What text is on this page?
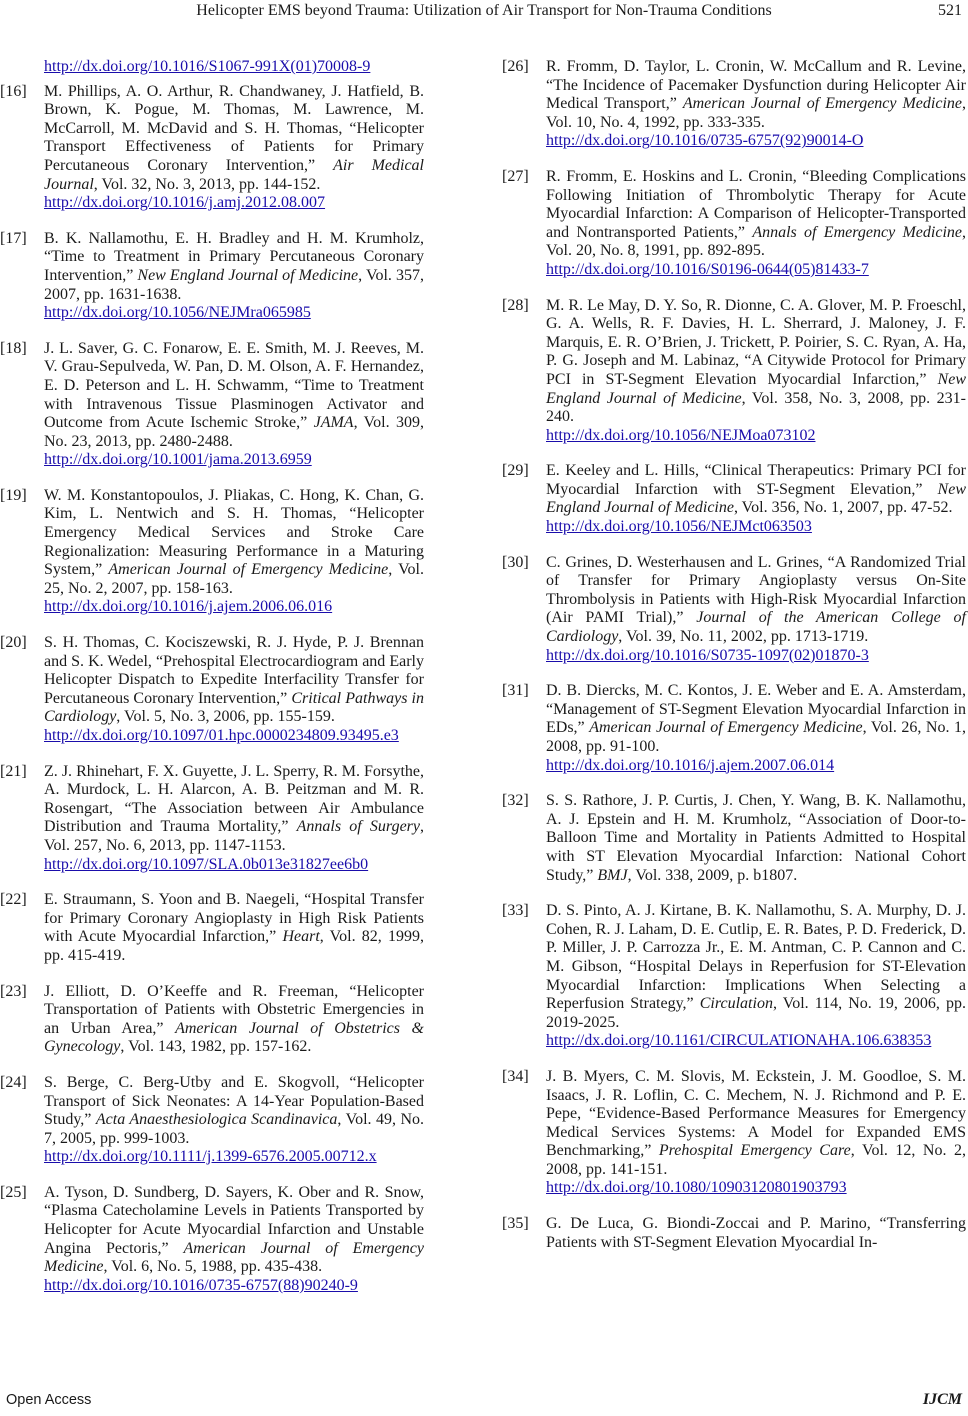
Helicopter EMS beyond Trauma: Utilization of Air Transport for Non-Trauma Conditions	521
http://dx.doi.org/10.1016/S1067-991X(01)70008-9
[16] M. Phillips, A. O. Arthur, R. Chandwaney, J. Hatfield, B. Brown, K. Pogue, M. Thomas, M. Lawrence, M. McCarroll, M. McDavid and S. H. Thomas, “Helicopter Transport Effectiveness of Patients for Primary Percutaneous Coronary Intervention,” Air Medical Journal, Vol. 32, No. 3, 2013, pp. 144-152.
http://dx.doi.org/10.1016/j.amj.2012.08.007
[17] B. K. Nallamothu, E. H. Bradley and H. M. Krumholz, “Time to Treatment in Primary Percutaneous Coronary Intervention,” New England Journal of Medicine, Vol. 357, 2007, pp. 1631-1638.
http://dx.doi.org/10.1056/NEJMra065985
[18] J. L. Saver, G. C. Fonarow, E. E. Smith, M. J. Reeves, M. V. Grau-Sepulveda, W. Pan, D. M. Olson, A. F. Hernandez, E. D. Peterson and L. H. Schwamm, “Time to Treatment with Intravenous Tissue Plasminogen Activator and Outcome from Acute Ischemic Stroke,” JAMA, Vol. 309, No. 23, 2013, pp. 2480-2488.
http://dx.doi.org/10.1001/jama.2013.6959
[19] W. M. Konstantopoulos, J. Pliakas, C. Hong, K. Chan, G. Kim, L. Nentwich and S. H. Thomas, “Helicopter Emergency Medical Services and Stroke Care Regionalization: Measuring Performance in a Maturing System,” American Journal of Emergency Medicine, Vol. 25, No. 2, 2007, pp. 158-163.
http://dx.doi.org/10.1016/j.ajem.2006.06.016
[20] S. H. Thomas, C. Kociszewski, R. J. Hyde, P. J. Brennan and S. K. Wedel, “Prehospital Electrocardiogram and Early Helicopter Dispatch to Expedite Interfacility Transfer for Percutaneous Coronary Intervention,” Critical Pathways in Cardiology, Vol. 5, No. 3, 2006, pp. 155-159.
http://dx.doi.org/10.1097/01.hpc.0000234809.93495.e3
[21] Z. J. Rhinehart, F. X. Guyette, J. L. Sperry, R. M. Forsythe, A. Murdock, L. H. Alarcon, A. B. Peitzman and M. R. Rosengart, “The Association between Air Ambulance Distribution and Trauma Mortality,” Annals of Surgery, Vol. 257, No. 6, 2013, pp. 1147-1153.
http://dx.doi.org/10.1097/SLA.0b013e31827ee6b0
[22] E. Straumann, S. Yoon and B. Naegeli, “Hospital Transfer for Primary Coronary Angioplasty in High Risk Patients with Acute Myocardial Infarction,” Heart, Vol. 82, 1999, pp. 415-419.
[23] J. Elliott, D. O’Keeffe and R. Freeman, “Helicopter Transportation of Patients with Obstetric Emergencies in an Urban Area,” American Journal of Obstetrics & Gynecology, Vol. 143, 1982, pp. 157-162.
[24] S. Berge, C. Berg-Utby and E. Skogvoll, “Helicopter Transport of Sick Neonates: A 14-Year Population-Based Study,” Acta Anaesthesiologica Scandinavica, Vol. 49, No. 7, 2005, pp. 999-1003.
http://dx.doi.org/10.1111/j.1399-6576.2005.00712.x
[25] A. Tyson, D. Sundberg, D. Sayers, K. Ober and R. Snow, “Plasma Catecholamine Levels in Patients Transported by Helicopter for Acute Myocardial Infarction and Unstable Angina Pectoris,” American Journal of Emergency Medicine, Vol. 6, No. 5, 1988, pp. 435-438.
http://dx.doi.org/10.1016/0735-6757(88)90240-9
[26] R. Fromm, D. Taylor, L. Cronin, W. McCallum and R. Levine, “The Incidence of Pacemaker Dysfunction during Helicopter Air Medical Transport,” American Journal of Emergency Medicine, Vol. 10, No. 4, 1992, pp. 333-335.
http://dx.doi.org/10.1016/0735-6757(92)90014-O
[27] R. Fromm, E. Hoskins and L. Cronin, “Bleeding Complications Following Initiation of Thrombolytic Therapy for Acute Myocardial Infarction: A Comparison of Helicopter-Transported and Nontransported Patients,” Annals of Emergency Medicine, Vol. 20, No. 8, 1991, pp. 892-895.
http://dx.doi.org/10.1016/S0196-0644(05)81433-7
[28] M. R. Le May, D. Y. So, R. Dionne, C. A. Glover, M. P. Froeschl, G. A. Wells, R. F. Davies, H. L. Sherrard, J. Maloney, J. F. Marquis, E. R. O’Brien, J. Trickett, P. Poirier, S. C. Ryan, A. Ha, P. G. Joseph and M. Labinaz, “A Citywide Protocol for Primary PCI in ST-Segment Elevation Myocardial Infarction,” New England Journal of Medicine, Vol. 358, No. 3, 2008, pp. 231-240.
http://dx.doi.org/10.1056/NEJMoa073102
[29] E. Keeley and L. Hills, “Clinical Therapeutics: Primary PCI for Myocardial Infarction with ST-Segment Elevation,” New England Journal of Medicine, Vol. 356, No. 1, 2007, pp. 47-52.
http://dx.doi.org/10.1056/NEJMct063503
[30] C. Grines, D. Westerhausen and L. Grines, “A Randomized Trial of Transfer for Primary Angioplasty versus On-Site Thrombolysis in Patients with High-Risk Myocardial Infarction (Air PAMI Trial),” Journal of the American College of Cardiology, Vol. 39, No. 11, 2002, pp. 1713-1719.
http://dx.doi.org/10.1016/S0735-1097(02)01870-3
[31] D. B. Diercks, M. C. Kontos, J. E. Weber and E. A. Amsterdam, “Management of ST-Segment Elevation Myocardial Infarction in EDs,” American Journal of Emergency Medicine, Vol. 26, No. 1, 2008, pp. 91-100.
http://dx.doi.org/10.1016/j.ajem.2007.06.014
[32] S. S. Rathore, J. P. Curtis, J. Chen, Y. Wang, B. K. Nallamothu, A. J. Epstein and H. M. Krumholz, “Association of Door-to-Balloon Time and Mortality in Patients Admitted to Hospital with ST Elevation Myocardial Infarction: National Cohort Study,” BMJ, Vol. 338, 2009, p. b1807.
[33] D. S. Pinto, A. J. Kirtane, B. K. Nallamothu, S. A. Murphy, D. J. Cohen, R. J. Laham, D. E. Cutlip, E. R. Bates, P. D. Frederick, D. P. Miller, J. P. Carrozza Jr., E. M. Antman, C. P. Cannon and C. M. Gibson, “Hospital Delays in Reperfusion for ST-Elevation Myocardial Infarction: Implications When Selecting a Reperfusion Strategy,” Circulation, Vol. 114, No. 19, 2006, pp. 2019-2025.
http://dx.doi.org/10.1161/CIRCULATIONAHA.106.638353
[34] J. B. Myers, C. M. Slovis, M. Eckstein, J. M. Goodloe, S. M. Isaacs, J. R. Loflin, C. C. Mechem, N. J. Richmond and P. E. Pepe, “Evidence-Based Performance Measures for Emergency Medical Services Systems: A Model for Expanded EMS Benchmarking,” Prehospital Emergency Care, Vol. 12, No. 2, 2008, pp. 141-151.
http://dx.doi.org/10.1080/10903120801903793
[35] G. De Luca, G. Biondi-Zoccai and P. Marino, “Transferring Patients with ST-Segment Elevation Myocardial In-
Open Access	IJCM
